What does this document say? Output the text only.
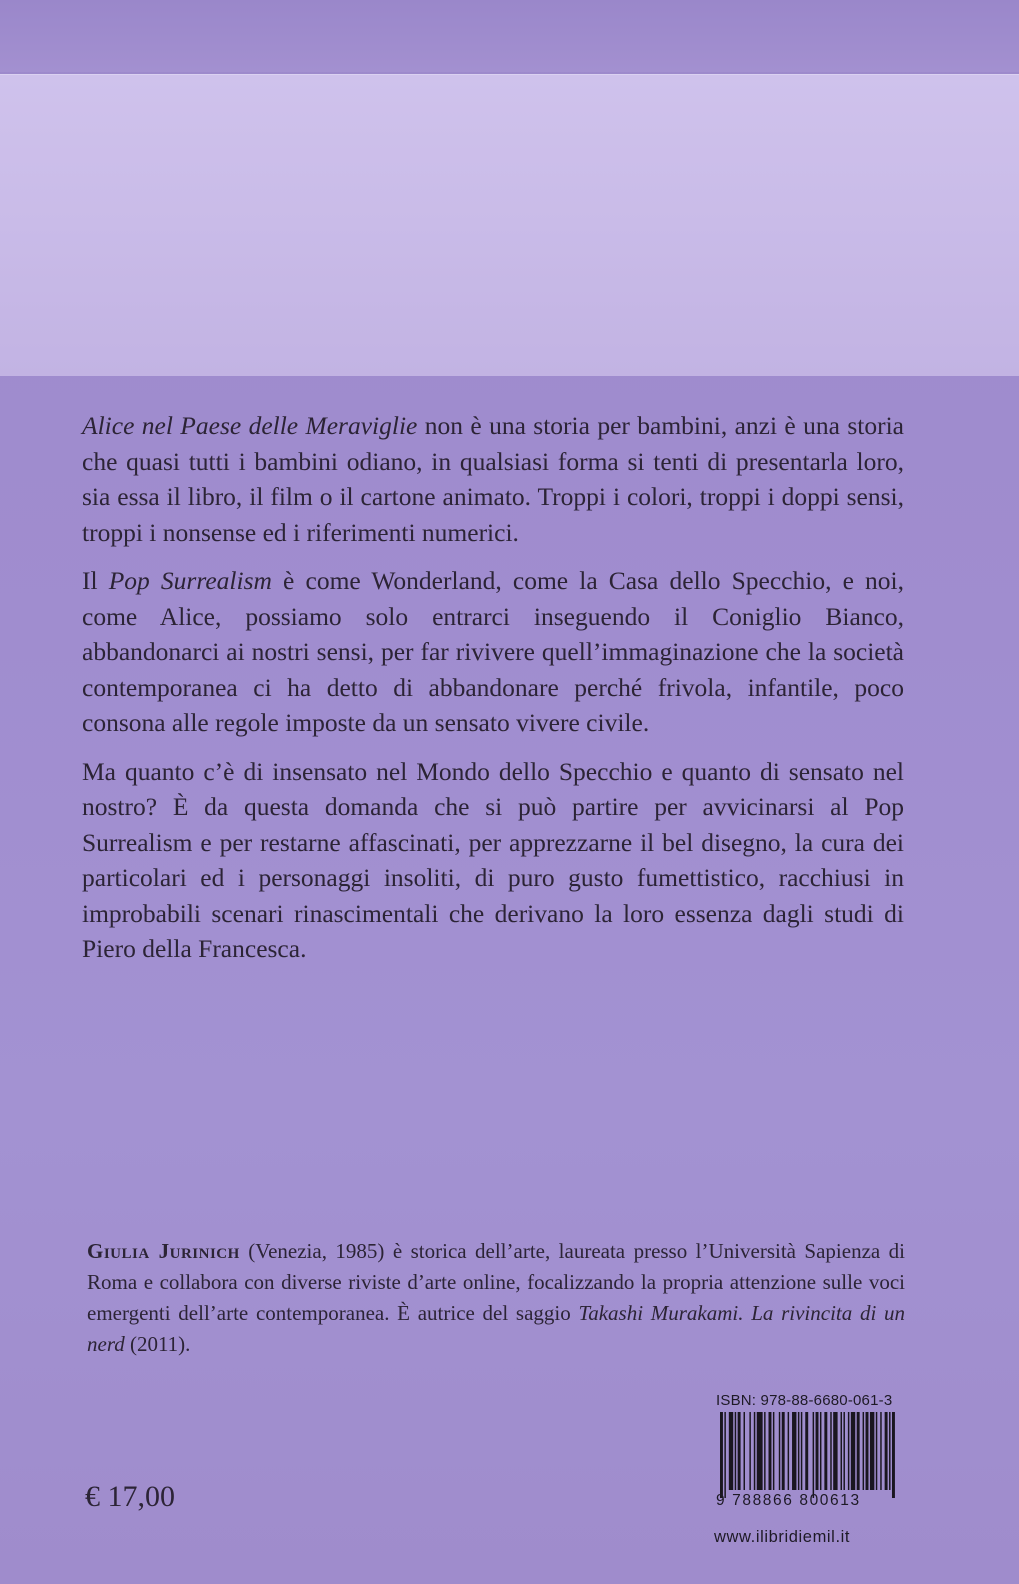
Alice nel Paese delle Meraviglie non è una storia per bambini, anzi è una storia che quasi tutti i bambini odiano, in qualsiasi forma si tenti di presentarla loro, sia essa il libro, il film o il cartone animato. Troppi i colori, troppi i doppi sensi, troppi i nonsense ed i riferimenti numerici.

Il Pop Surrealism è come Wonderland, come la Casa dello Specchio, e noi, come Alice, possiamo solo entrarci inseguendo il Coniglio Bianco, abbandonarci ai nostri sensi, per far rivivere quell’immaginazione che la società contemporanea ci ha detto di abbandonare perché frivola, infantile, poco consona alle regole imposte da un sensato vivere civile.

Ma quanto c’è di insensato nel Mondo dello Specchio e quanto di sensato nel nostro? È da questa domanda che si può partire per avvicinarsi al Pop Surrealism e per restarne affascinati, per apprezzarne il bel disegno, la cura dei particolari ed i personaggi insoliti, di puro gusto fumettistico, racchiusi in improbabili scenari rinascimentali che derivano la loro essenza dagli studi di Piero della Francesca.

Giulia Jurinich (Venezia, 1985) è storica dell’arte, laureata presso l’Università Sapienza di Roma e collabora con diverse riviste d’arte online, focalizzando la propria attenzione sulle voci emergenti dell’arte contemporanea. È autrice del saggio Takashi Murakami. La rivincita di un nerd (2011).

€ 17,00
ISBN: 978-88-6680-061-3
9 788866 800613
www.ilibridiemil.it
